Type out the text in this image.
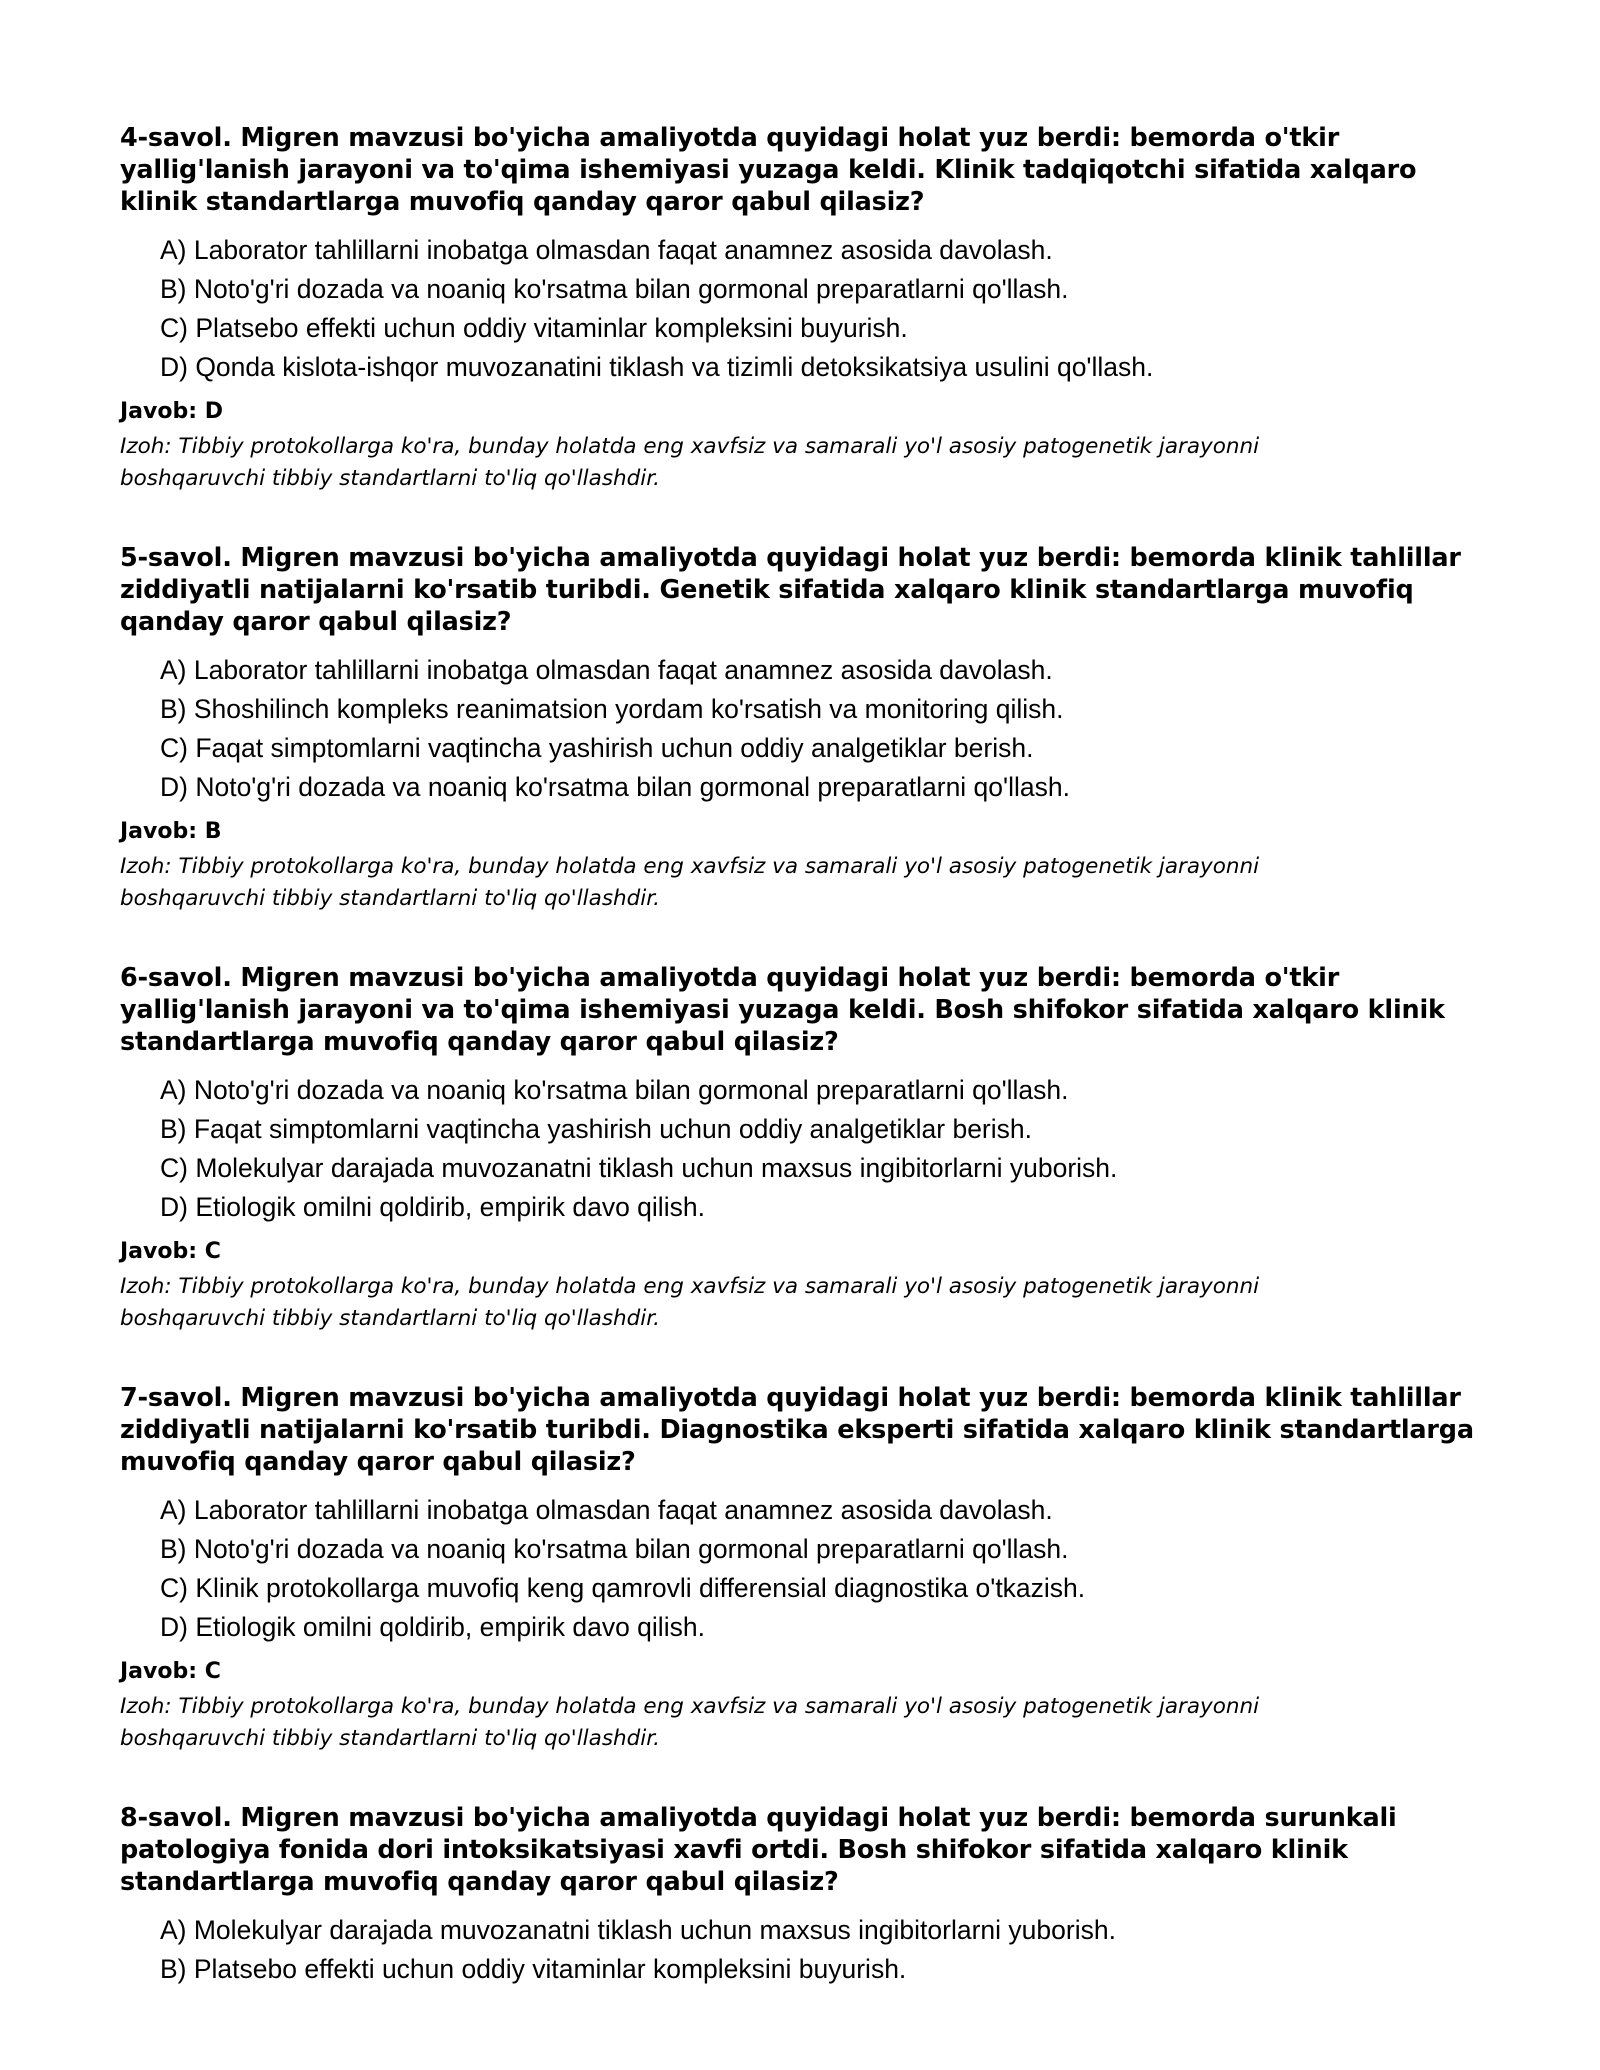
4-savol. Migren mavzusi bo'yicha amaliyotda quyidagi holat yuz berdi: bemorda o'tkir yallig'lanish jarayoni va to'qima ishemiyasi yuzaga keldi. Klinik tadqiqotchi sifatida xalqaro klinik standartlarga muvofiq qanday qaror qabul qilasiz?
A) Laborator tahlillarni inobatga olmasdan faqat anamnez asosida davolash.
B) Noto'g'ri dozada va noaniq ko'rsatma bilan gormonal preparatlarni qo'llash.
C) Platsebo effekti uchun oddiy vitaminlar kompleksini buyurish.
D) Qonda kislota-ishqor muvozanatini tiklash va tizimli detoksikatsiya usulini qo'llash.
Javob: D

Izoh: Tibbiy protokollarga ko'ra, bunday holatda eng xavfsiz va samarali yo'l asosiy patogenetik jarayonni boshqaruvchi tibbiy standartlarni to'liq qo'llashdir.

5-savol. Migren mavzusi bo'yicha amaliyotda quyidagi holat yuz berdi: bemorda klinik tahlillar ziddiyatli natijalarni ko'rsatib turibdi. Genetik sifatida xalqaro klinik standartlarga muvofiq qanday qaror qabul qilasiz?
A) Laborator tahlillarni inobatga olmasdan faqat anamnez asosida davolash.
B) Shoshilinch kompleks reanimatsion yordam ko'rsatish va monitoring qilish.
C) Faqat simptomlarni vaqtincha yashirish uchun oddiy analgetiklar berish.
D) Noto'g'ri dozada va noaniq ko'rsatma bilan gormonal preparatlarni qo'llash.
Javob: B

Izoh: Tibbiy protokollarga ko'ra, bunday holatda eng xavfsiz va samarali yo'l asosiy patogenetik jarayonni boshqaruvchi tibbiy standartlarni to'liq qo'llashdir.

6-savol. Migren mavzusi bo'yicha amaliyotda quyidagi holat yuz berdi: bemorda o'tkir yallig'lanish jarayoni va to'qima ishemiyasi yuzaga keldi. Bosh shifokor sifatida xalqaro klinik standartlarga muvofiq qanday qaror qabul qilasiz?
A) Noto'g'ri dozada va noaniq ko'rsatma bilan gormonal preparatlarni qo'llash.
B) Faqat simptomlarni vaqtincha yashirish uchun oddiy analgetiklar berish.
C) Molekulyar darajada muvozanatni tiklash uchun maxsus ingibitorlarni yuborish.
D) Etiologik omilni qoldirib, empirik davo qilish.
Javob: C

Izoh: Tibbiy protokollarga ko'ra, bunday holatda eng xavfsiz va samarali yo'l asosiy patogenetik jarayonni boshqaruvchi tibbiy standartlarni to'liq qo'llashdir.

7-savol. Migren mavzusi bo'yicha amaliyotda quyidagi holat yuz berdi: bemorda klinik tahlillar ziddiyatli natijalarni ko'rsatib turibdi. Diagnostika eksperti sifatida xalqaro klinik standartlarga muvofiq qanday qaror qabul qilasiz?
A) Laborator tahlillarni inobatga olmasdan faqat anamnez asosida davolash.
B) Noto'g'ri dozada va noaniq ko'rsatma bilan gormonal preparatlarni qo'llash.
C) Klinik protokollarga muvofiq keng qamrovli differensial diagnostika o'tkazish.
D) Etiologik omilni qoldirib, empirik davo qilish.
Javob: C

Izoh: Tibbiy protokollarga ko'ra, bunday holatda eng xavfsiz va samarali yo'l asosiy patogenetik jarayonni boshqaruvchi tibbiy standartlarni to'liq qo'llashdir.

8-savol. Migren mavzusi bo'yicha amaliyotda quyidagi holat yuz berdi: bemorda surunkali patologiya fonida dori intoksikatsiyasi xavfi ortdi. Bosh shifokor sifatida xalqaro klinik standartlarga muvofiq qanday qaror qabul qilasiz?
A) Molekulyar darajada muvozanatni tiklash uchun maxsus ingibitorlarni yuborish.
B) Platsebo effekti uchun oddiy vitaminlar kompleksini buyurish.
